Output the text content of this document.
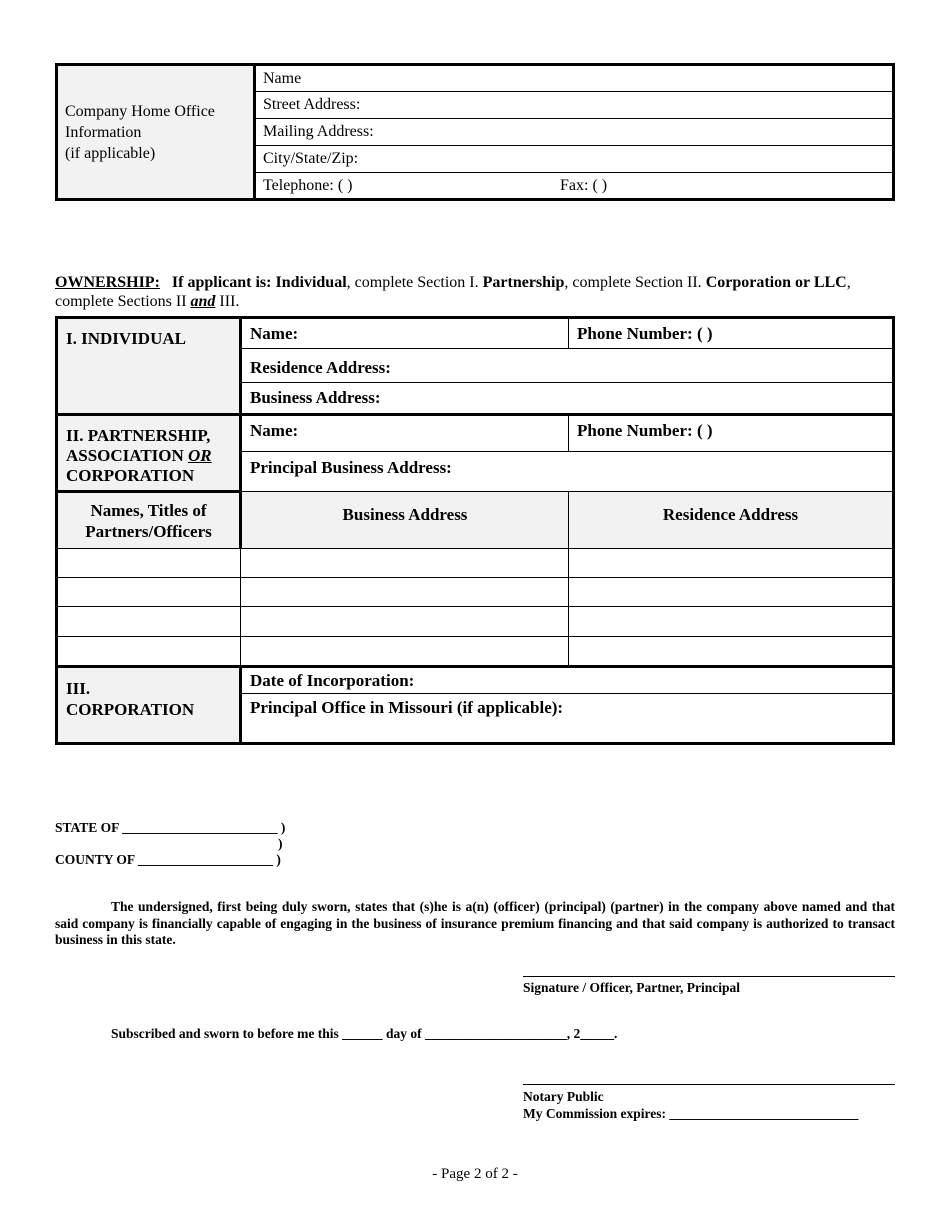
Company Home Office
Information
(if applicable)
	Name
Street Address:
Mailing Address:
City/State/Zip:
Telephone: ( )	Fax: ( )
OWNERSHIP: If applicant is: Individual, complete Section I. Partnership, complete Section II. Corporation or LLC,
complete Sections II and III.
I. INDIVIDUAL	Name:	Phone Number: ( )
	Residence Address:	
	Business Address:	

II. PARTNERSHIP,
ASSOCIATION OR
CORPORATION	Name:	Phone Number: ( )
	Principal Business Address:	

Names, Titles of
Partners/Officers	Business Address	Residence Address

III.
CORPORATION	Date of Incorporation:	
	Principal Office in Missouri (if applicable):	
STATE OF _______________________ )
)
COUNTY OF ____________________ )
The undersigned, first being duly sworn, states that (s)he is a(n) (officer) (principal) (partner) in the company above named and that said company is financially capable of engaging in the business of insurance premium financing and that said company is authorized to transact business in this state.
Signature / Officer, Partner, Principal
Subscribed and sworn to before me this ______ day of _____________________, 2_____.
Notary Public
My Commission expires: ____________________________
- Page 2 of 2 -
